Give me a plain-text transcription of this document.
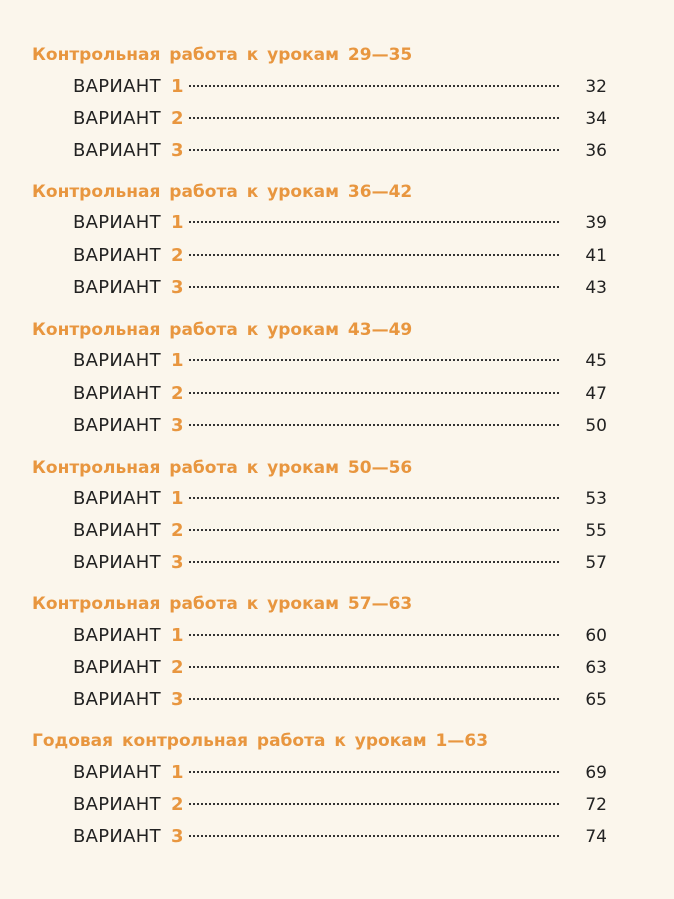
Контрольная работа к урокам 29—35
ВАРИАНТ 1	32
ВАРИАНТ 2	34
ВАРИАНТ 3	36
Контрольная работа к урокам 36—42
ВАРИАНТ 1	39
ВАРИАНТ 2	41
ВАРИАНТ 3	43
Контрольная работа к урокам 43—49
ВАРИАНТ 1	45
ВАРИАНТ 2	47
ВАРИАНТ 3	50
Контрольная работа к урокам 50—56
ВАРИАНТ 1	53
ВАРИАНТ 2	55
ВАРИАНТ 3	57
Контрольная работа к урокам 57—63
ВАРИАНТ 1	60
ВАРИАНТ 2	63
ВАРИАНТ 3	65
Годовая контрольная работа к урокам 1—63
ВАРИАНТ 1	69
ВАРИАНТ 2	72
ВАРИАНТ 3	74
